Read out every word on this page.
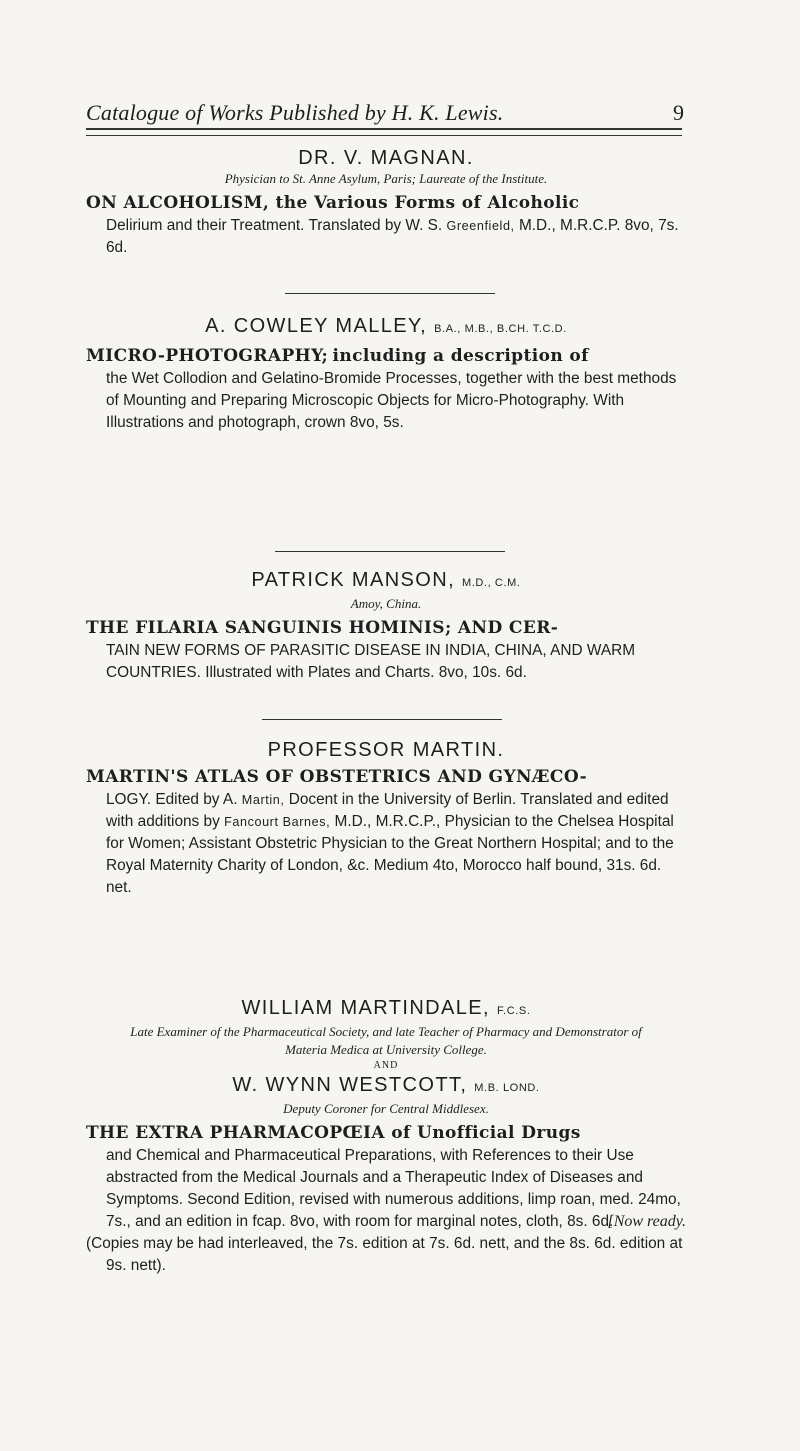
Catalogue of Works Published by H. K. Lewis.	9
DR. V. MAGNAN.
Physician to St. Anne Asylum, Paris; Laureate of the Institute.
ON ALCOHOLISM, the Various Forms of Alcoholic
Delirium and their Treatment. Translated by W. S. Greenfield, M.D., M.R.C.P. 8vo, 7s. 6d.
A. COWLEY MALLEY, B.A., M.B., B.CH. T.C.D.
MICRO-PHOTOGRAPHY; including a description of
the Wet Collodion and Gelatino-Bromide Processes, together with the best methods of Mounting and Preparing Microscopic Objects for Micro-Photography. With Illustrations and photograph, crown 8vo, 5s.
PATRICK MANSON, M.D., C.M.
Amoy, China.
THE FILARIA SANGUINIS HOMINIS; AND CER-
TAIN NEW FORMS OF PARASITIC DISEASE IN INDIA, CHINA, AND WARM COUNTRIES. Illustrated with Plates and Charts. 8vo, 10s. 6d.
PROFESSOR MARTIN.
MARTIN'S ATLAS OF OBSTETRICS AND GYNÆCO-
LOGY. Edited by A. Martin, Docent in the University of Berlin. Translated and edited with additions by Fancourt Barnes, M.D., M.R.C.P., Physician to the Chelsea Hospital for Women; Assistant Obstetric Physician to the Great Northern Hospital; and to the Royal Maternity Charity of London, &c. Medium 4to, Morocco half bound, 31s. 6d. net.
WILLIAM MARTINDALE, F.C.S.
Late Examiner of the Pharmaceutical Society, and late Teacher of Pharmacy and Demonstrator of Materia Medica at University College.
AND
W. WYNN WESTCOTT, M.B. LOND.
Deputy Coroner for Central Middlesex.
THE EXTRA PHARMACOPŒIA of Unofficial Drugs
and Chemical and Pharmaceutical Preparations, with References to their Use abstracted from the Medical Journals and a Therapeutic Index of Diseases and Symptoms. Second Edition, revised with numerous additions, limp roan, med. 24mo, 7s., and an edition in fcap. 8vo, with room for marginal notes, cloth, 8s. 6d.
[Now ready.
(Copies may be had interleaved, the 7s. edition at 7s. 6d. nett, and the 8s. 6d. edition at 9s. nett).
